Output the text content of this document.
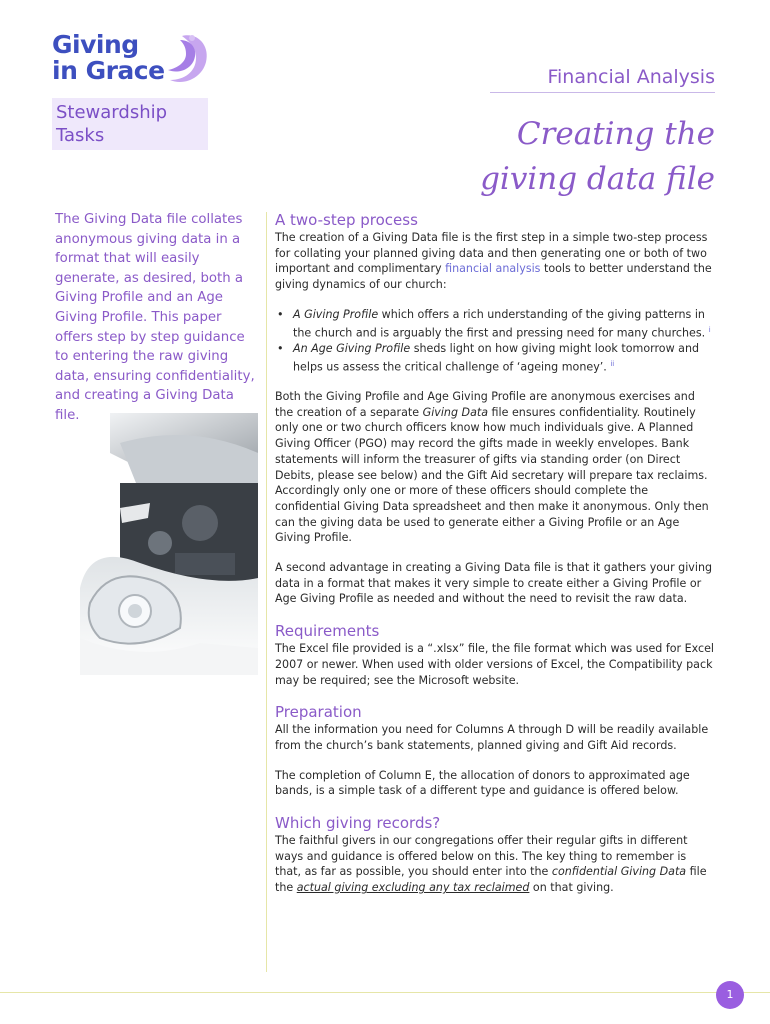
Giving
in Grace
Stewardship Tasks
Financial Analysis
Creating the
giving data file
The Giving Data file collates anonymous giving data in a format that will easily generate, as desired, both a Giving Profile and an Age Giving Profile. This paper offers step by step guidance to entering the raw giving data, ensuring confidentiality, and creating a Giving Data file.
A two-step process

The creation of a Giving Data file is the first step in a simple two-step process for collating your planned giving data and then generating one or both of two important and complimentary financial analysis tools to better understand the giving dynamics of our church:

• A Giving Profile which offers a rich understanding of the giving patterns in the church and is arguably the first and pressing need for many churches. $^i$
• An Age Giving Profile sheds light on how giving might look tomorrow and helps us assess the critical challenge of ‘ageing money’. $^{ii}$

Both the Giving Profile and Age Giving Profile are anonymous exercises and the creation of a separate Giving Data file ensures confidentiality. Routinely only one or two church officers know how much individuals give. A Planned Giving Officer (PGO) may record the gifts made in weekly envelopes. Bank statements will inform the treasurer of gifts via standing order (on Direct Debits, please see below) and the Gift Aid secretary will prepare tax reclaims. Accordingly only one or more of these officers should complete the confidential Giving Data spreadsheet and then make it anonymous. Only then can the giving data be used to generate either a Giving Profile or an Age Giving Profile.

A second advantage in creating a Giving Data file is that it gathers your giving data in a format that makes it very simple to create either a Giving Profile or Age Giving Profile as needed and without the need to revisit the raw data.

Requirements

The Excel file provided is a “.xlsx” file, the file format which was used for Excel 2007 or newer. When used with older versions of Excel, the Compatibility pack may be required; see the Microsoft website.

Preparation

All the information you need for Columns A through D will be readily available from the church’s bank statements, planned giving and Gift Aid records.

The completion of Column E, the allocation of donors to approximated age bands, is a simple task of a different type and guidance is offered below.

Which giving records?

The faithful givers in our congregations offer their regular gifts in different ways and guidance is offered below on this. The key thing to remember is that, as far as possible, you should enter into the confidential Giving Data file the actual giving excluding any tax reclaimed on that giving.

1
